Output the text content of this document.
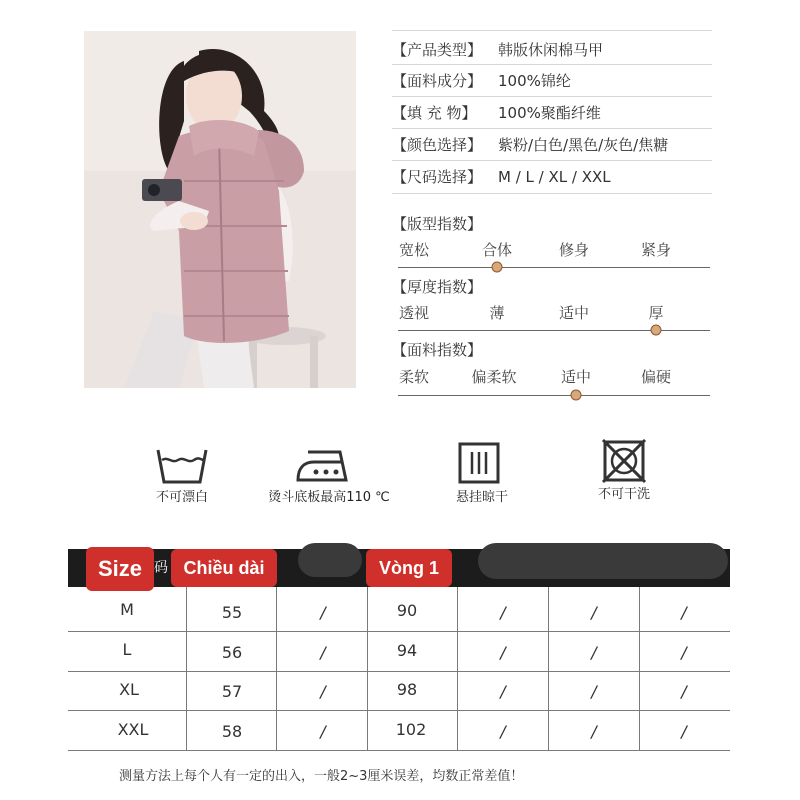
【产品类型】 韩版休闲棉马甲
【面料成分】 100%锦纶
【填 充 物】 100%聚酯纤维
【颜色选择】 紫粉/白色/黑色/灰色/焦糖
【尺码选择】 M / L / XL / XXL
【版型指数】
宽松	合体	修身	紧身
【厚度指数】
透视	薄	适中	厚
【面料指数】
柔软	偏柔软	适中	偏硬
不可漂白	烫斗底板最高110 ℃	悬挂晾干	不可干洗
码
Size	Chiều dài	Vòng 1
M	55	/	90	/	/	/
L	56	/	94	/	/	/
XL	57	/	98	/	/	/
XXL	58	/	102	/	/	/
测量方法上每个人有一定的出入，一般2~3厘米误差，均数正常差值！
